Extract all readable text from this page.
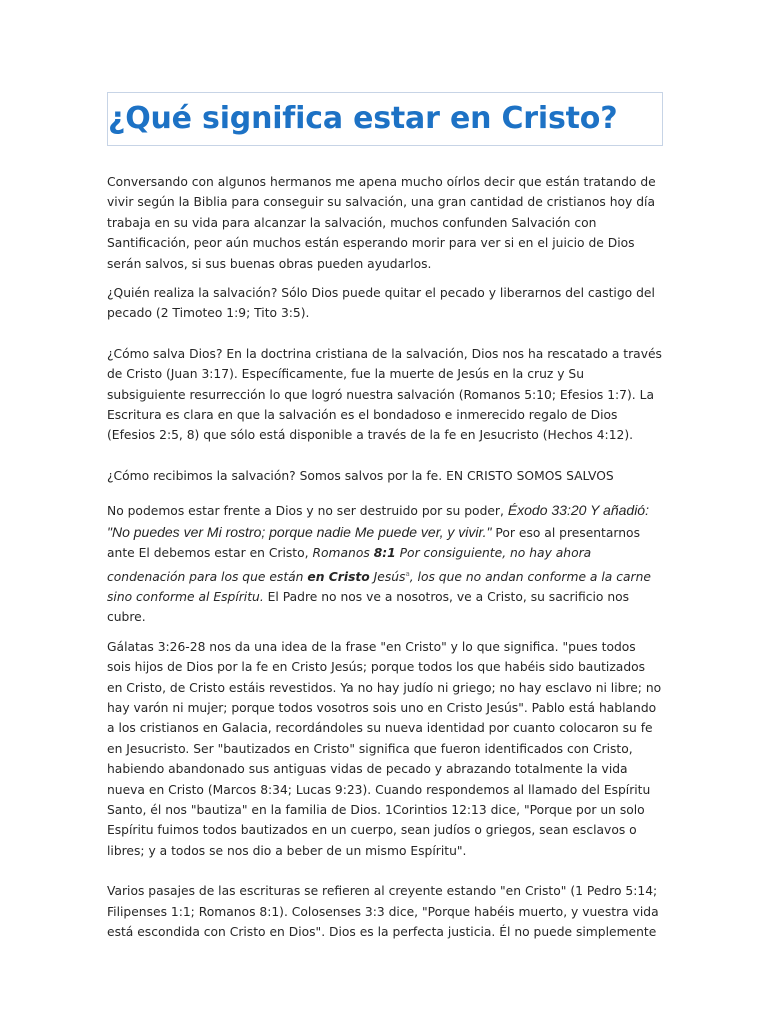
¿Qué significa estar en Cristo?

Conversando con algunos hermanos me apena mucho oírlos decir que están tratando de vivir según la Biblia para conseguir su salvación, una gran cantidad de cristianos hoy día trabaja en su vida para alcanzar la salvación, muchos confunden Salvación con Santificación, peor aún muchos están esperando morir para ver si en el juicio de Dios serán salvos, si sus buenas obras pueden ayudarlos.

¿Quién realiza la salvación? Sólo Dios puede quitar el pecado y liberarnos del castigo del pecado (2 Timoteo 1:9; Tito 3:5).

¿Cómo salva Dios? En la doctrina cristiana de la salvación, Dios nos ha rescatado a través de Cristo (Juan 3:17). Específicamente, fue la muerte de Jesús en la cruz y Su subsiguiente resurrección lo que logró nuestra salvación (Romanos 5:10; Efesios 1:7). La Escritura es clara en que la salvación es el bondadoso e inmerecido regalo de Dios (Efesios 2:5, 8) que sólo está disponible a través de la fe en Jesucristo (Hechos 4:12).

¿Cómo recibimos la salvación? Somos salvos por la fe. EN CRISTO SOMOS SALVOS

No podemos estar frente a Dios y no ser destruido por su poder, Éxodo 33:20 Y añadió: "No puedes ver Mi rostro; porque nadie Me puede ver, y vivir." Por eso al presentarnos ante El debemos estar en Cristo, Romanos 8:1 Por consiguiente, no hay ahora condenación para los que están en Cristo Jesúsa, los que no andan conforme a la carne sino conforme al Espíritu. El Padre no nos ve a nosotros, ve a Cristo, su sacrificio nos cubre.

Gálatas 3:26-28 nos da una idea de la frase "en Cristo" y lo que significa. "pues todos sois hijos de Dios por la fe en Cristo Jesús; porque todos los que habéis sido bautizados en Cristo, de Cristo estáis revestidos. Ya no hay judío ni griego; no hay esclavo ni libre; no hay varón ni mujer; porque todos vosotros sois uno en Cristo Jesús". Pablo está hablando a los cristianos en Galacia, recordándoles su nueva identidad por cuanto colocaron su fe en Jesucristo. Ser "bautizados en Cristo" significa que fueron identificados con Cristo, habiendo abandonado sus antiguas vidas de pecado y abrazando totalmente la vida nueva en Cristo (Marcos 8:34; Lucas 9:23). Cuando respondemos al llamado del Espíritu Santo, él nos "bautiza" en la familia de Dios. 1Corintios 12:13 dice, "Porque por un solo Espíritu fuimos todos bautizados en un cuerpo, sean judíos o griegos, sean esclavos o libres; y a todos se nos dio a beber de un mismo Espíritu".

Varios pasajes de las escrituras se refieren al creyente estando "en Cristo" (1 Pedro 5:14; Filipenses 1:1; Romanos 8:1). Colosenses 3:3 dice, "Porque habéis muerto, y vuestra vida está escondida con Cristo en Dios". Dios es la perfecta justicia. Él no puede simplemente
